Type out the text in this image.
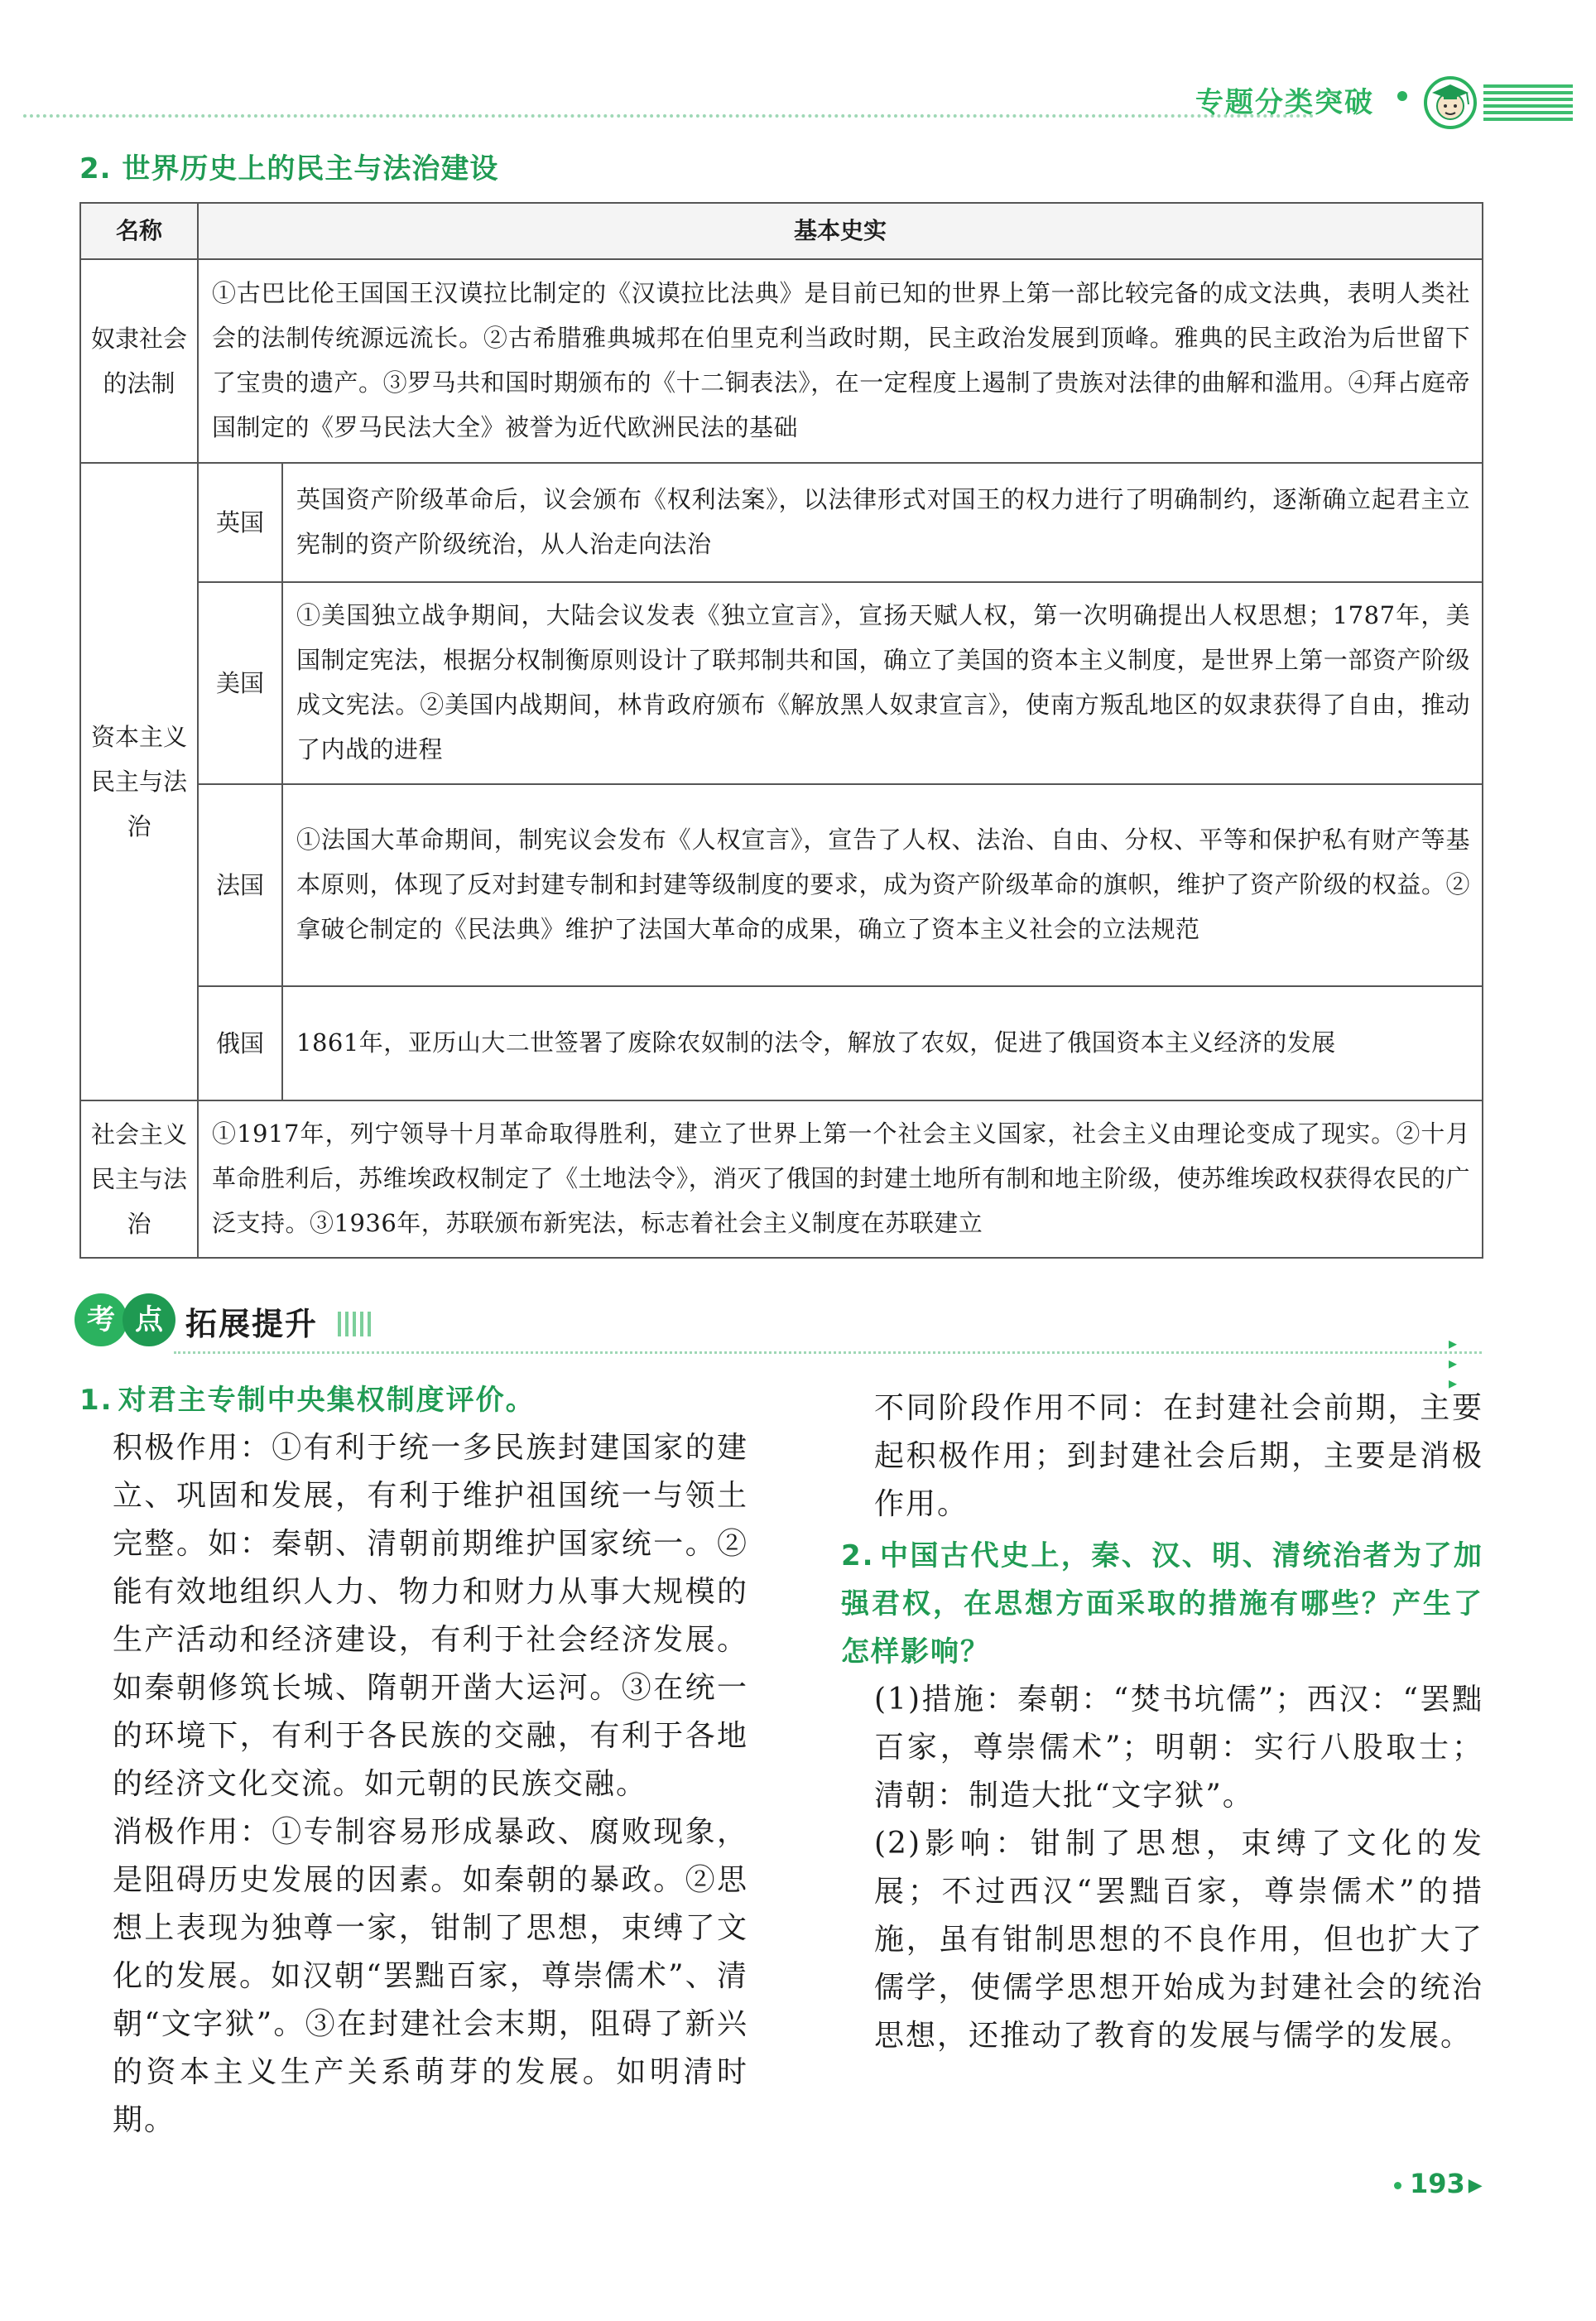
专题分类突破
2. 世界历史上的民主与法治建设
名称	基本史实	
奴隶社会的法制	①古巴比伦王国国王汉谟拉比制定的《汉谟拉比法典》是目前已知的世界上第一部比较完备的成文法典，表明人类社会的法制传统源远流长。②古希腊雅典城邦在伯里克利当政时期，民主政治发展到顶峰。雅典的民主政治为后世留下了宝贵的遗产。③罗马共和国时期颁布的《十二铜表法》，在一定程度上遏制了贵族对法律的曲解和滥用。④拜占庭帝国制定的《罗马民法大全》被誉为近代欧洲民法的基础	
资本主义民主与法治	英国	英国资产阶级革命后，议会颁布《权利法案》，以法律形式对国王的权力进行了明确制约，逐渐确立起君主立宪制的资产阶级统治，从人治走向法治
	美国	①美国独立战争期间，大陆会议发表《独立宣言》，宣扬天赋人权，第一次明确提出人权思想；1787年，美国制定宪法，根据分权制衡原则设计了联邦制共和国，确立了美国的资本主义制度，是世界上第一部资产阶级成文宪法。②美国内战期间，林肯政府颁布《解放黑人奴隶宣言》，使南方叛乱地区的奴隶获得了自由，推动了内战的进程
	法国	①法国大革命期间，制宪议会发布《人权宣言》，宣告了人权、法治、自由、分权、平等和保护私有财产等基本原则，体现了反对封建专制和封建等级制度的要求，成为资产阶级革命的旗帜，维护了资产阶级的权益。②拿破仑制定的《民法典》维护了法国大革命的成果，确立了资本主义社会的立法规范
	俄国	1861年，亚历山大二世签署了废除农奴制的法令，解放了农奴，促进了俄国资本主义经济的发展
社会主义民主与法治	①1917年，列宁领导十月革命取得胜利，建立了世界上第一个社会主义国家，社会主义由理论变成了现实。②十月革命胜利后，苏维埃政权制定了《土地法令》，消灭了俄国的封建土地所有制和地主阶级，使苏维埃政权获得农民的广泛支持。③1936年，苏联颁布新宪法，标志着社会主义制度在苏联建立	
考 点 拓展提升
▸ ▸ ▸
1. 对君主专制中央集权制度评价。

积极作用：①有利于统一多民族封建国家的建立、巩固和发展，有利于维护祖国统一与领土完整。如：秦朝、清朝前期维护国家统一。②能有效地组织人力、物力和财力从事大规模的生产活动和经济建设，有利于社会经济发展。如秦朝修筑长城、隋朝开凿大运河。③在统一的环境下，有利于各民族的交融，有利于各地的经济文化交流。如元朝的民族交融。

消极作用：①专制容易形成暴政、腐败现象，是阻碍历史发展的因素。如秦朝的暴政。②思想上表现为独尊一家，钳制了思想，束缚了文化的发展。如汉朝“罢黜百家，尊崇儒术”、清朝“文字狱”。③在封建社会末期，阻碍了新兴的资本主义生产关系萌芽的发展。如明清时期。

不同阶段作用不同：在封建社会前期，主要起积极作用；到封建社会后期，主要是消极作用。

2. 中国古代史上，秦、汉、明、清统治者为了加强君权，在思想方面采取的措施有哪些？产生了怎样影响？

(1)措施：秦朝：“焚书坑儒”；西汉：“罢黜百家，尊崇儒术”；明朝：实行八股取士；清朝：制造大批“文字狱”。

(2)影响：钳制了思想，束缚了文化的发展；不过西汉“罢黜百家，尊崇儒术”的措施，虽有钳制思想的不良作用，但也扩大了儒学，使儒学思想开始成为封建社会的统治思想，还推动了教育的发展与儒学的发展。

193 ▶
